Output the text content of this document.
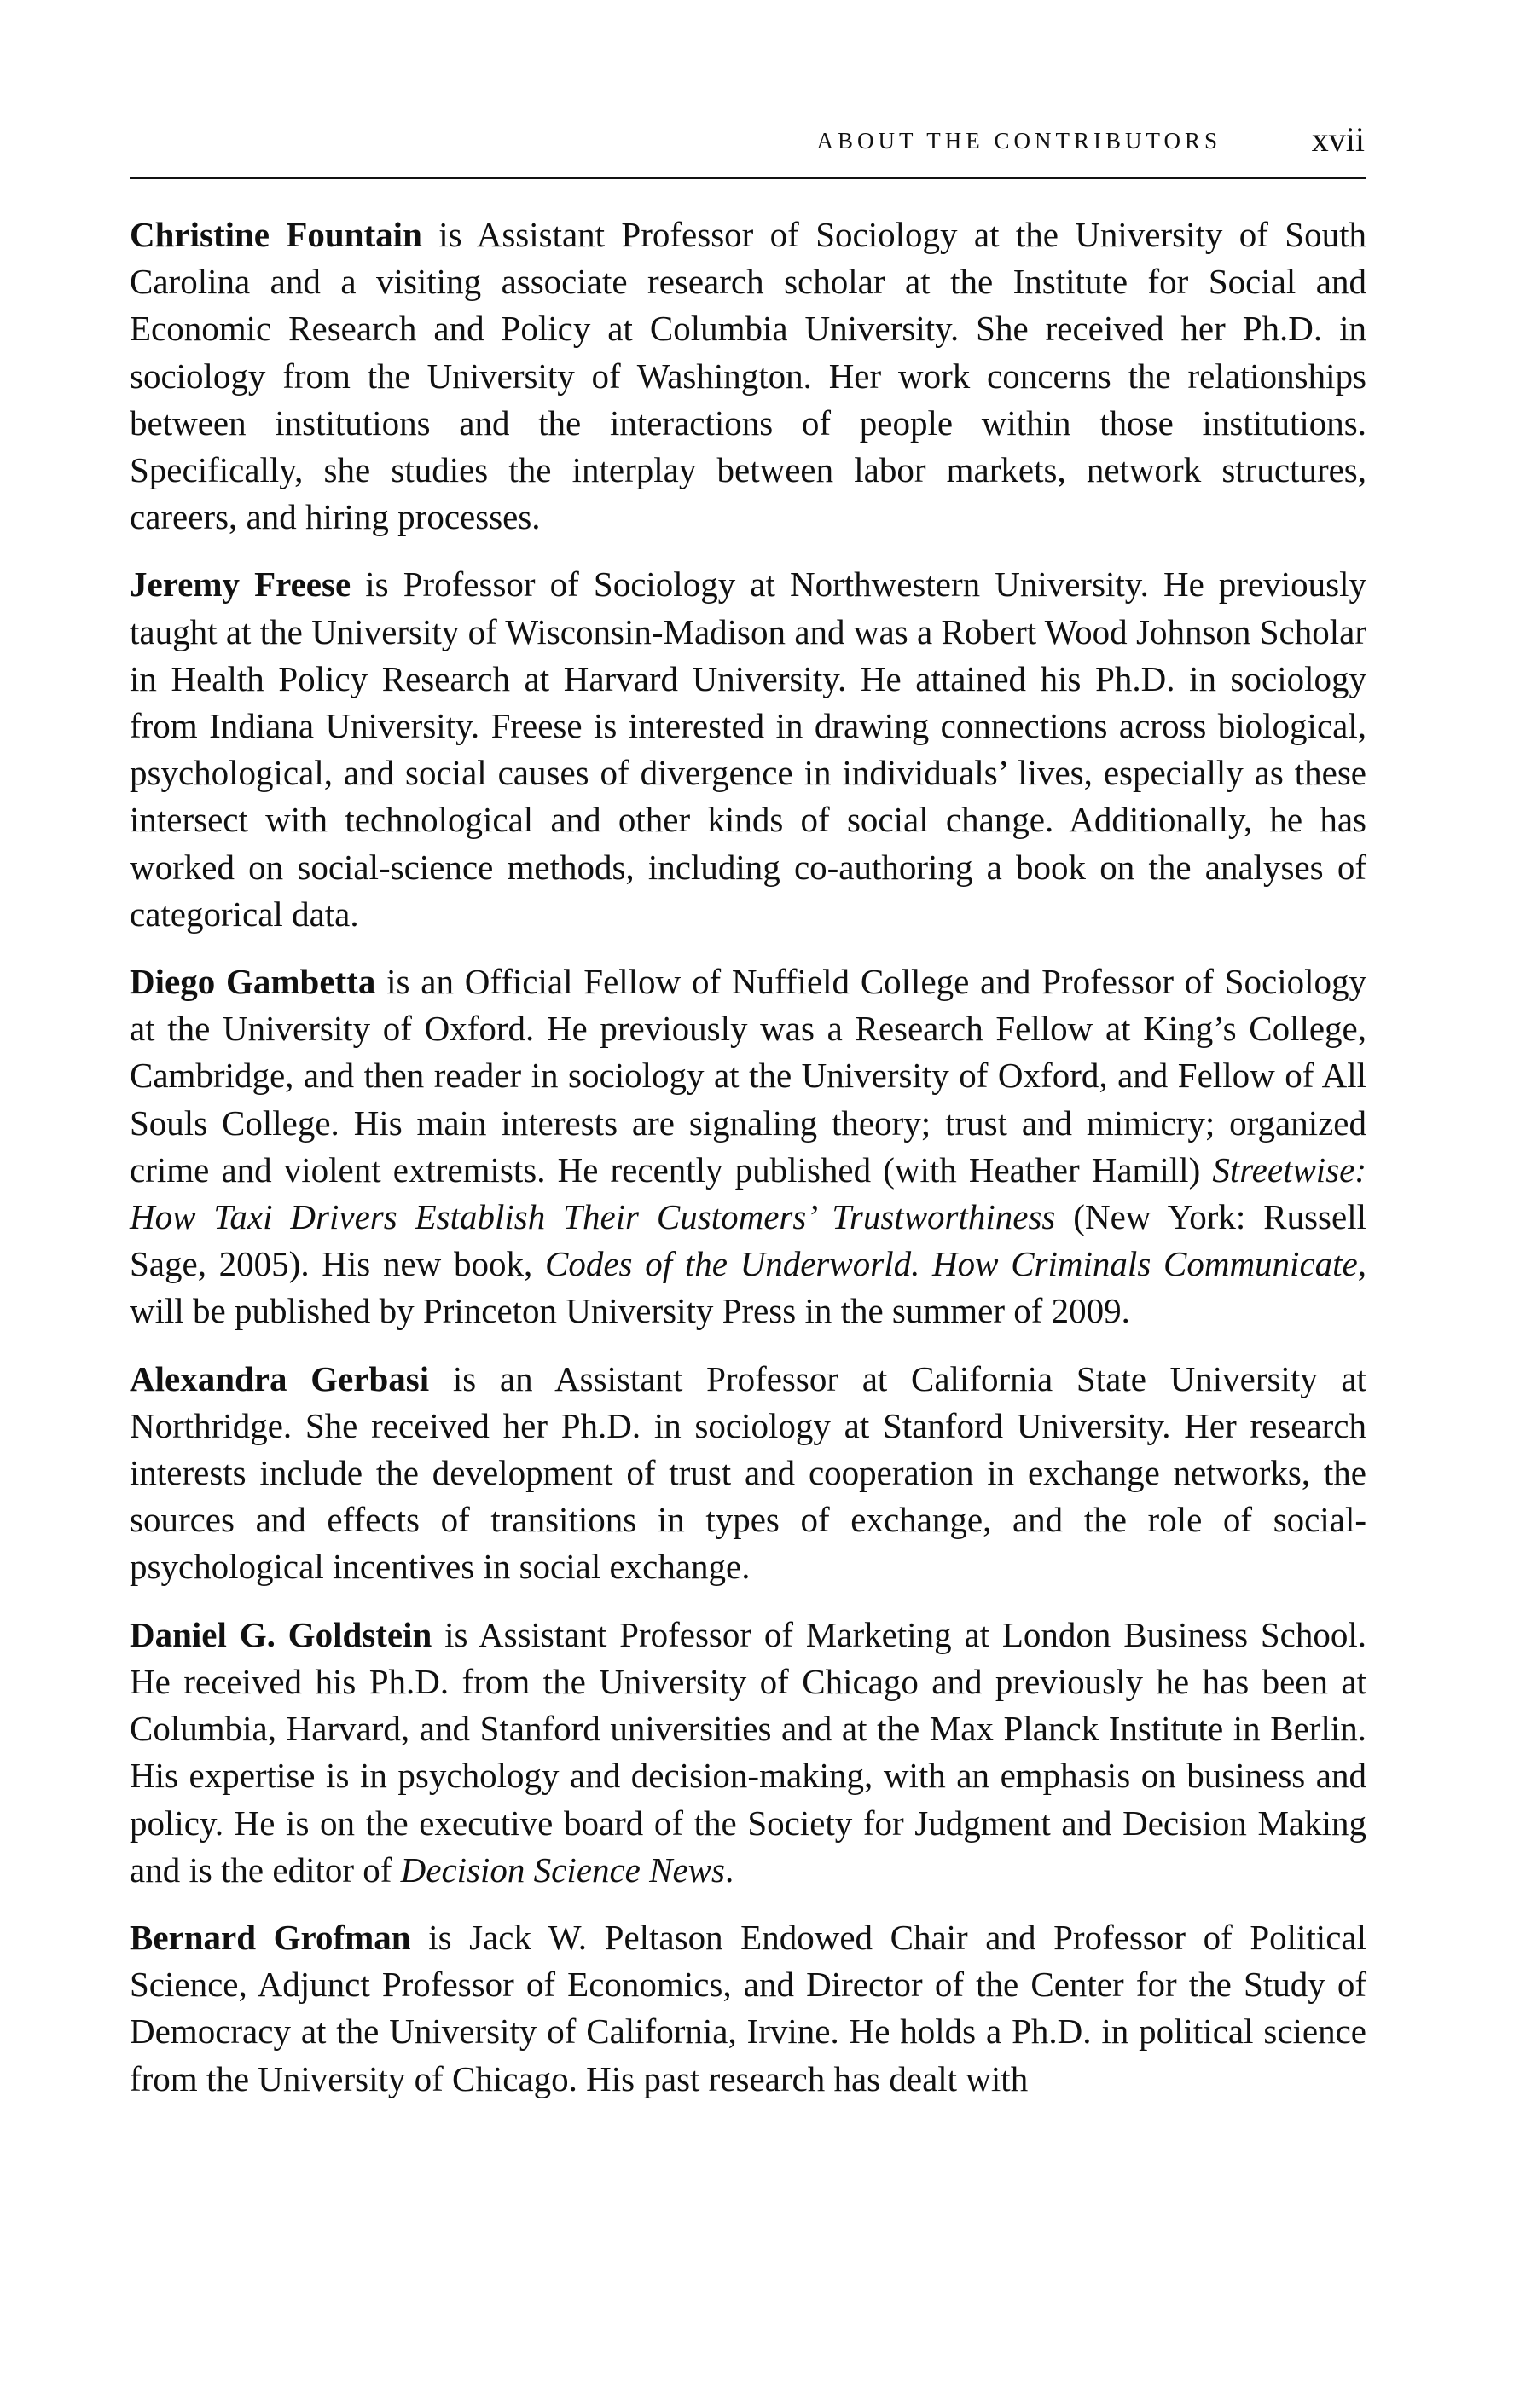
ABOUT THE CONTRIBUTORS	xvii

Christine Fountain is Assistant Professor of Sociology at the University of South Carolina and a visiting associate research scholar at the Institute for Social and Economic Research and Policy at Columbia University. She received her Ph.D. in sociology from the University of Washington. Her work concerns the relationships between institutions and the interactions of people within those institutions. Specifically, she studies the interplay between labor markets, network structures, careers, and hiring processes.

Jeremy Freese is Professor of Sociology at Northwestern University. He previously taught at the University of Wisconsin-Madison and was a Robert Wood Johnson Scholar in Health Policy Research at Harvard University. He attained his Ph.D. in sociology from Indiana University. Freese is interested in drawing connections across biological, psychological, and social causes of divergence in individuals’ lives, especially as these intersect with technological and other kinds of social change. Additionally, he has worked on social-science methods, including co-authoring a book on the analyses of categorical data.

Diego Gambetta is an Official Fellow of Nuffield College and Professor of Sociology at the University of Oxford. He previously was a Research Fellow at King’s College, Cambridge, and then reader in sociology at the University of Oxford, and Fellow of All Souls College. His main interests are signaling theory; trust and mimicry; organized crime and violent extremists. He recently published (with Heather Hamill) Streetwise: How Taxi Drivers Establish Their Customers’ Trustworthiness (New York: Russell Sage, 2005). His new book, Codes of the Underworld. How Criminals Communicate, will be published by Princeton University Press in the summer of 2009.

Alexandra Gerbasi is an Assistant Professor at California State University at Northridge. She received her Ph.D. in sociology at Stanford University. Her research interests include the development of trust and cooperation in exchange networks, the sources and effects of transitions in types of exchange, and the role of social-psychological incentives in social exchange.

Daniel G. Goldstein is Assistant Professor of Marketing at London Business School. He received his Ph.D. from the University of Chicago and previously he has been at Columbia, Harvard, and Stanford universities and at the Max Planck Institute in Berlin. His expertise is in psychology and decision-making, with an emphasis on business and policy. He is on the executive board of the Society for Judgment and Decision Making and is the editor of Decision Science News.

Bernard Grofman is Jack W. Peltason Endowed Chair and Professor of Political Science, Adjunct Professor of Economics, and Director of the Center for the Study of Democracy at the University of California, Irvine. He holds a Ph.D. in political science from the University of Chicago. His past research has dealt with
